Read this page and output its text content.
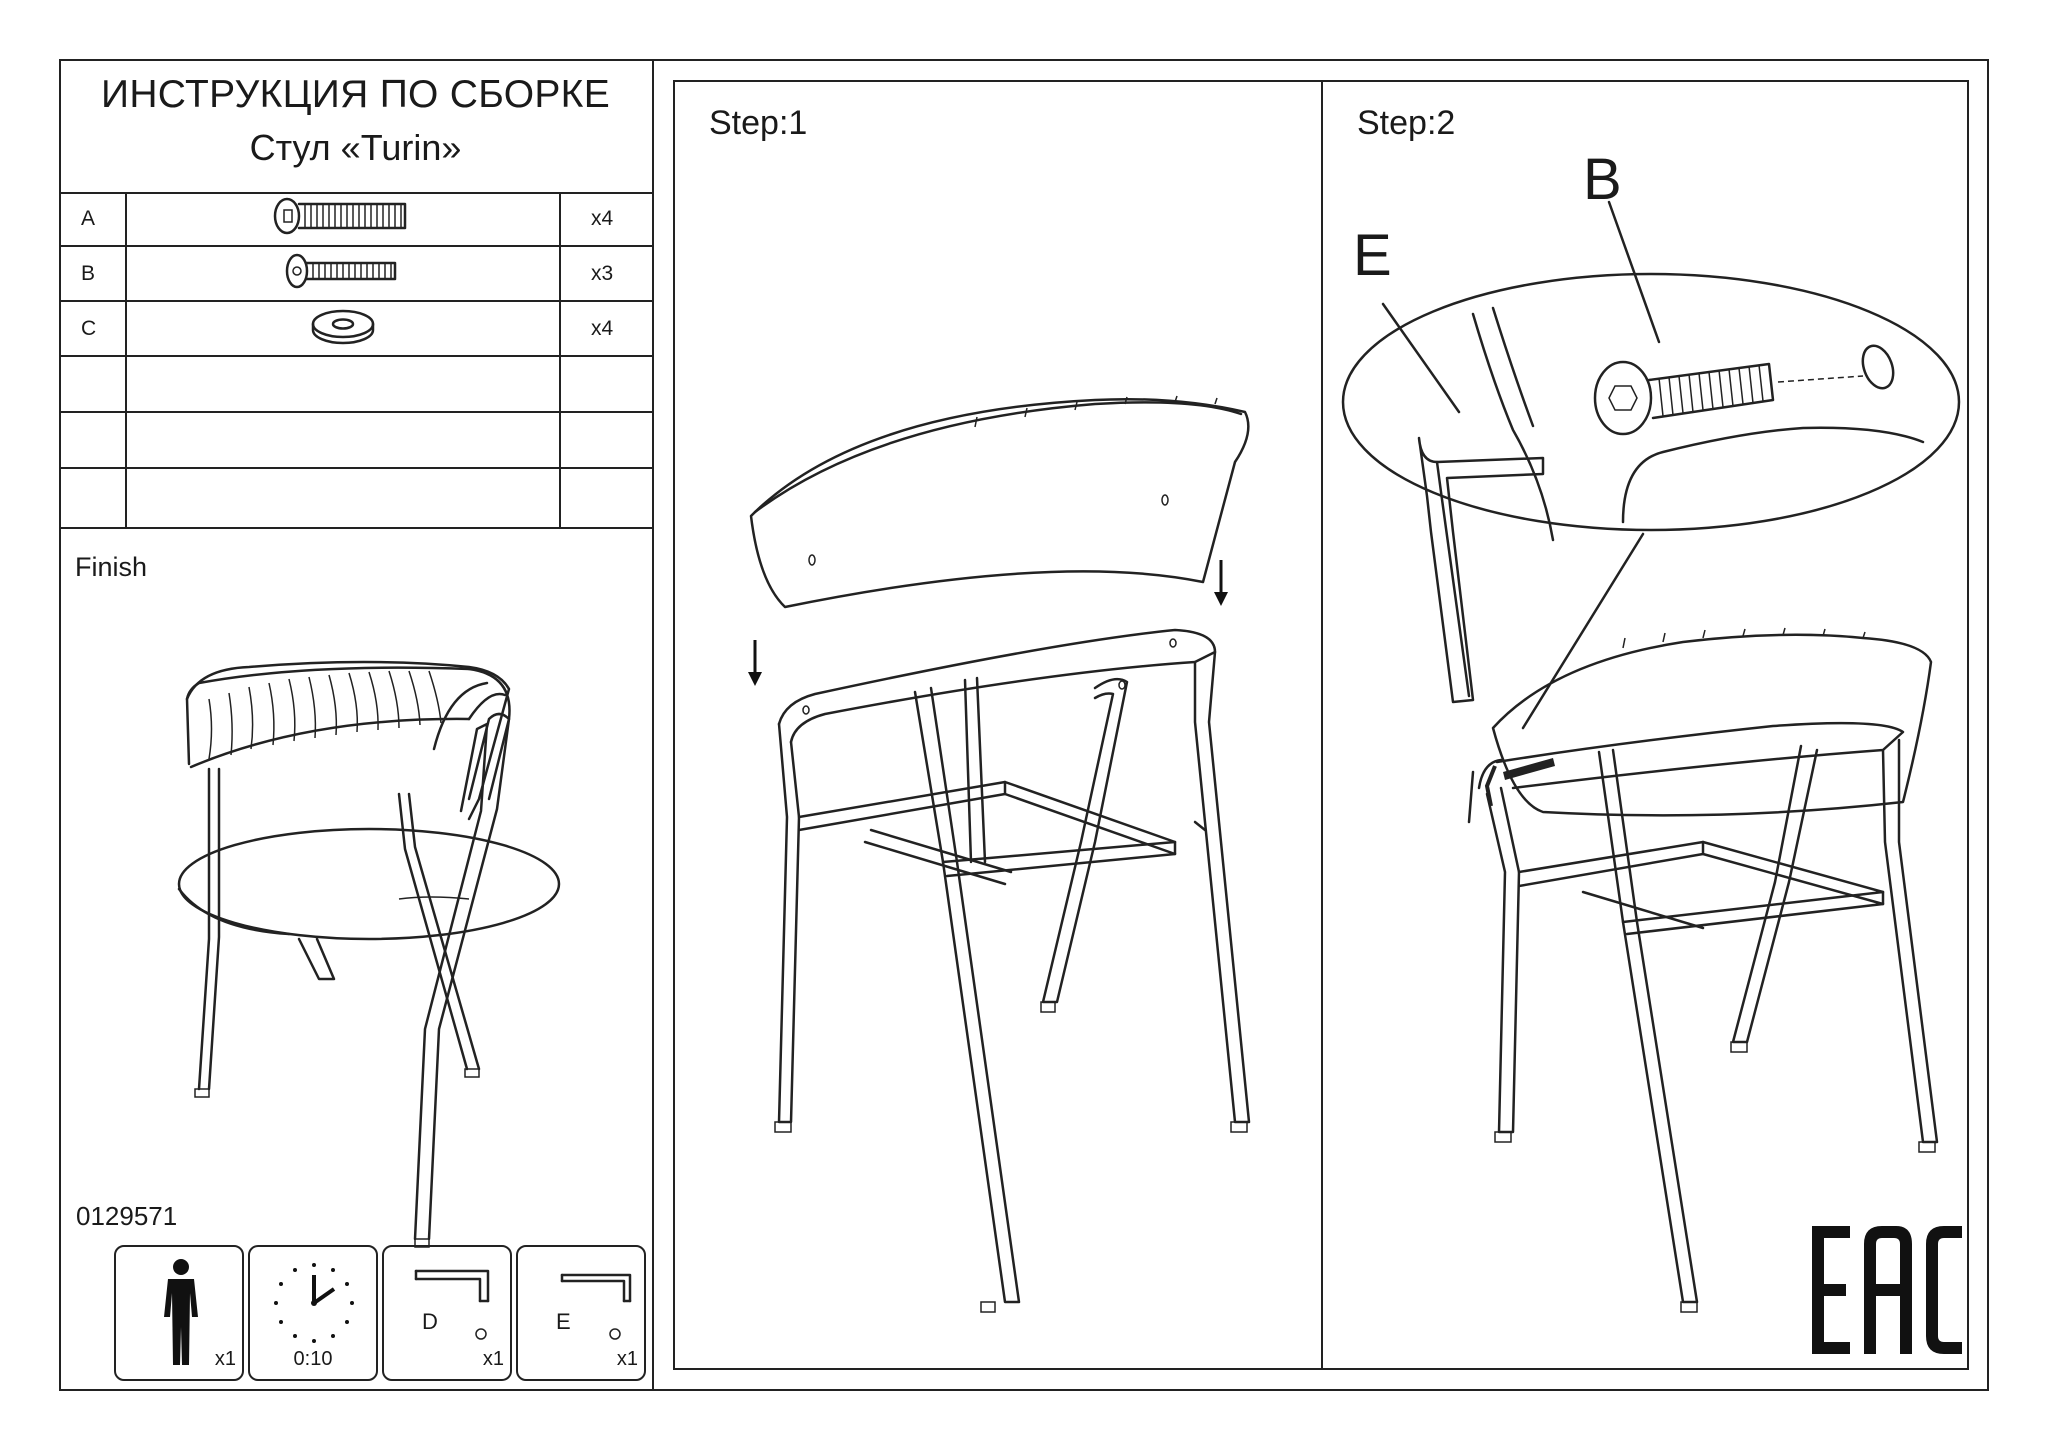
ИНСТРУКЦИЯ ПО СБОРКЕ
Стул «Turin»
A		x4
B		x3
C		x4

Finish
0129571
x1	0:10
D
x1
E
x1
Step:1	Step:2
E
B
